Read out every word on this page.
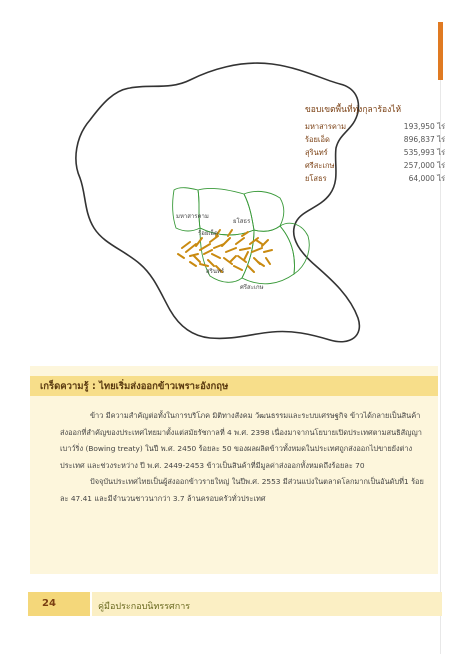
มหาสารคาม
ยโสธร
ร้อยเอ็ด
สุรินทร์
ศรีสะเกษ
ขอบเขตพื้นที่ทุ่งกุลาร้องไห้
มหาสารคาม	193,950 ไร่
ร้อยเอ็ด	896,837 ไร่
สุรินทร์	535,993 ไร่
ศรีสะเกษ	257,000 ไร่
ยโสธร	64,000 ไร่
เกร็ดความรู้ : ไทยเริ่มส่งออกข้าวเพราะอังกฤษ

ข้าว มีความสำคัญต่อทั้งในการบริโภค มิติทางสังคม วัฒนธรรมและระบบเศรษฐกิจ ข้าวได้กลายเป็นสินค้าส่งออกที่สำคัญของประเทศไทยมาตั้งแต่สมัยรัชกาลที่ 4 พ.ศ. 2398 เนื่องมาจากนโยบายเปิดประเทศตามสนธิสัญญาเบาว์ริ่ง (Bowing treaty) ในปี พ.ศ. 2450 ร้อยละ 50 ของผลผลิตข้าวทั้งหมดในประเทศถูกส่งออกไปขายยังต่างประเทศ และช่วงระหว่าง ปี พ.ศ. 2449-2453 ข้าวเป็นสินค้าที่มีมูลค่าส่งออกทั้งหมดถึงร้อยละ 70

ปัจจุบันประเทศไทยเป็นผู้ส่งออกข้าวรายใหญ่ ในปีพ.ศ. 2553 มีส่วนแบ่งในตลาดโลกมากเป็นอันดับที่1 ร้อยละ 47.41 และมีจำนวนชาวนากว่า 3.7 ล้านครอบครัวทั่วประเทศ

24	คู่มือประกอบนิทรรศการ
